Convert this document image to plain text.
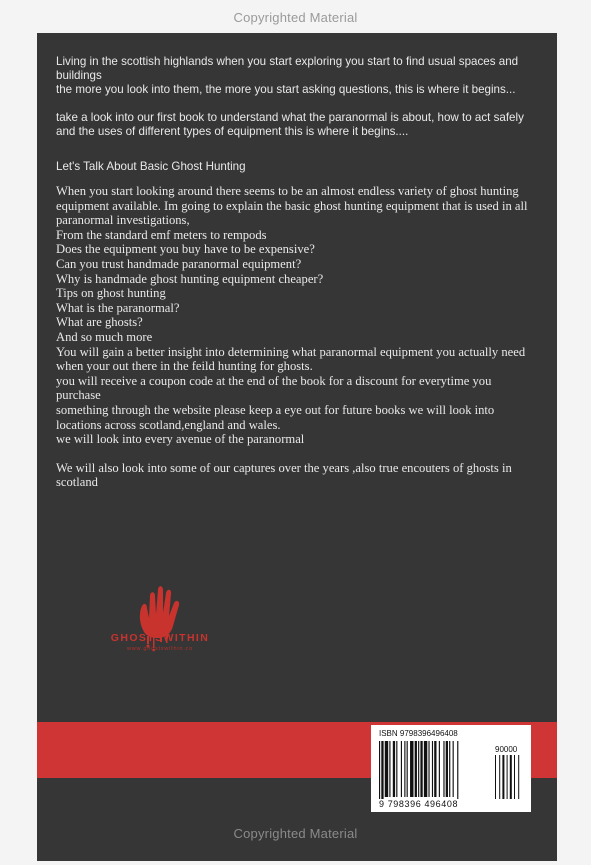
Copyrighted Material

Living in the scottish highlands when you start exploring you start to find usual spaces and buildings
the more you look into them, the more you start asking questions, this is where it begins...

take a look into our first book to understand what the paranormal is about, how to act safely and the uses of different types of equipment this is where it begins....

Let's Talk About Basic Ghost Hunting

When you start looking around there seems to be an almost endless variety of ghost hunting

equipment available. Im going to explain the basic ghost hunting equipment that is used in all

paranormal investigations,

From the standard emf meters to rempods

Does the equipment you buy have to be expensive?

Can you trust handmade paranormal equipment?

Why is handmade ghost hunting equipment cheaper?

Tips on ghost hunting

What is the paranormal?

What are ghosts?

And so much more

You will gain a better insight into determining what paranormal equipment you actually need

when your out there in the feild hunting for ghosts.

you will receive a coupon code at the end of the book for a discount for everytime you purchase

something through the website please keep a eye out for future books we will look into

locations across scotland,england and wales.

we will look into every avenue of the paranormal

We will also look into some of our captures over the years ,also true encouters of ghosts in

scotland

GHOSTSWITHIN
www.ghostswithin.co
ISBN 9798396496408
90000
9 798396 496408
Copyrighted Material
